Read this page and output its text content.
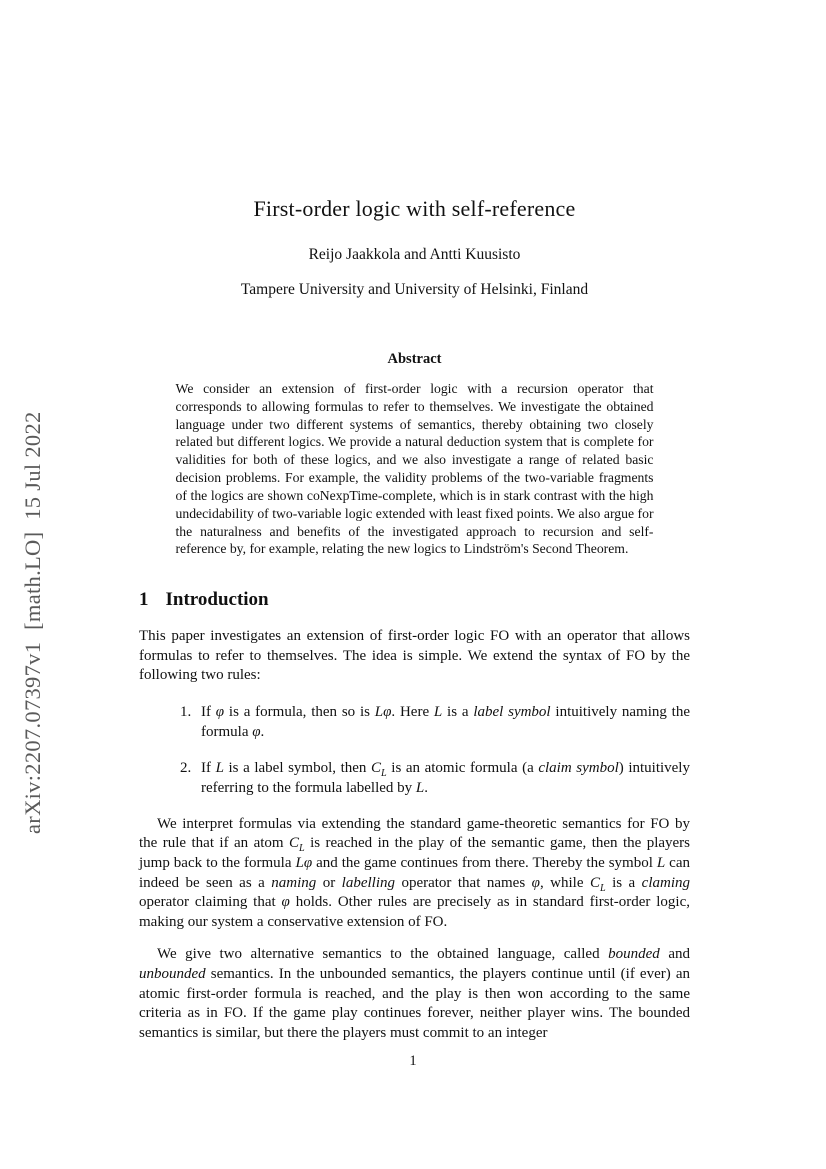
arXiv:2207.07397v1  [math.LO]  15 Jul 2022
First-order logic with self-reference
Reijo Jaakkola and Antti Kuusisto
Tampere University and University of Helsinki, Finland
Abstract

We consider an extension of first-order logic with a recursion operator that corresponds to allowing formulas to refer to themselves. We investigate the obtained language under two different systems of semantics, thereby obtaining two closely related but different logics. We provide a natural deduction system that is complete for validities for both of these logics, and we also investigate a range of related basic decision problems. For example, the validity problems of the two-variable fragments of the logics are shown coNexpTime-complete, which is in stark contrast with the high undecidability of two-variable logic extended with least fixed points. We also argue for the naturalness and benefits of the investigated approach to recursion and self-reference by, for example, relating the new logics to Lindström's Second Theorem.

1 Introduction

This paper investigates an extension of first-order logic FO with an operator that allows formulas to refer to themselves. The idea is simple. We extend the syntax of FO by the following two rules:

1. If φ is a formula, then so is Lφ. Here L is a label symbol intuitively naming the formula φ.
2. If L is a label symbol, then $C_L$ is an atomic formula (a claim symbol) intuitively referring to the formula labelled by L.

We interpret formulas via extending the standard game-theoretic semantics for FO by the rule that if an atom $C_L$ is reached in the play of the semantic game, then the players jump back to the formula Lφ and the game continues from there. Thereby the symbol L can indeed be seen as a naming or labelling operator that names φ, while $C_L$ is a claming operator claiming that φ holds. Other rules are precisely as in standard first-order logic, making our system a conservative extension of FO.

We give two alternative semantics to the obtained language, called bounded and unbounded semantics. In the unbounded semantics, the players continue until (if ever) an atomic first-order formula is reached, and the play is then won according to the same criteria as in FO. If the game play continues forever, neither player wins. The bounded semantics is similar, but there the players must commit to an integer

1
